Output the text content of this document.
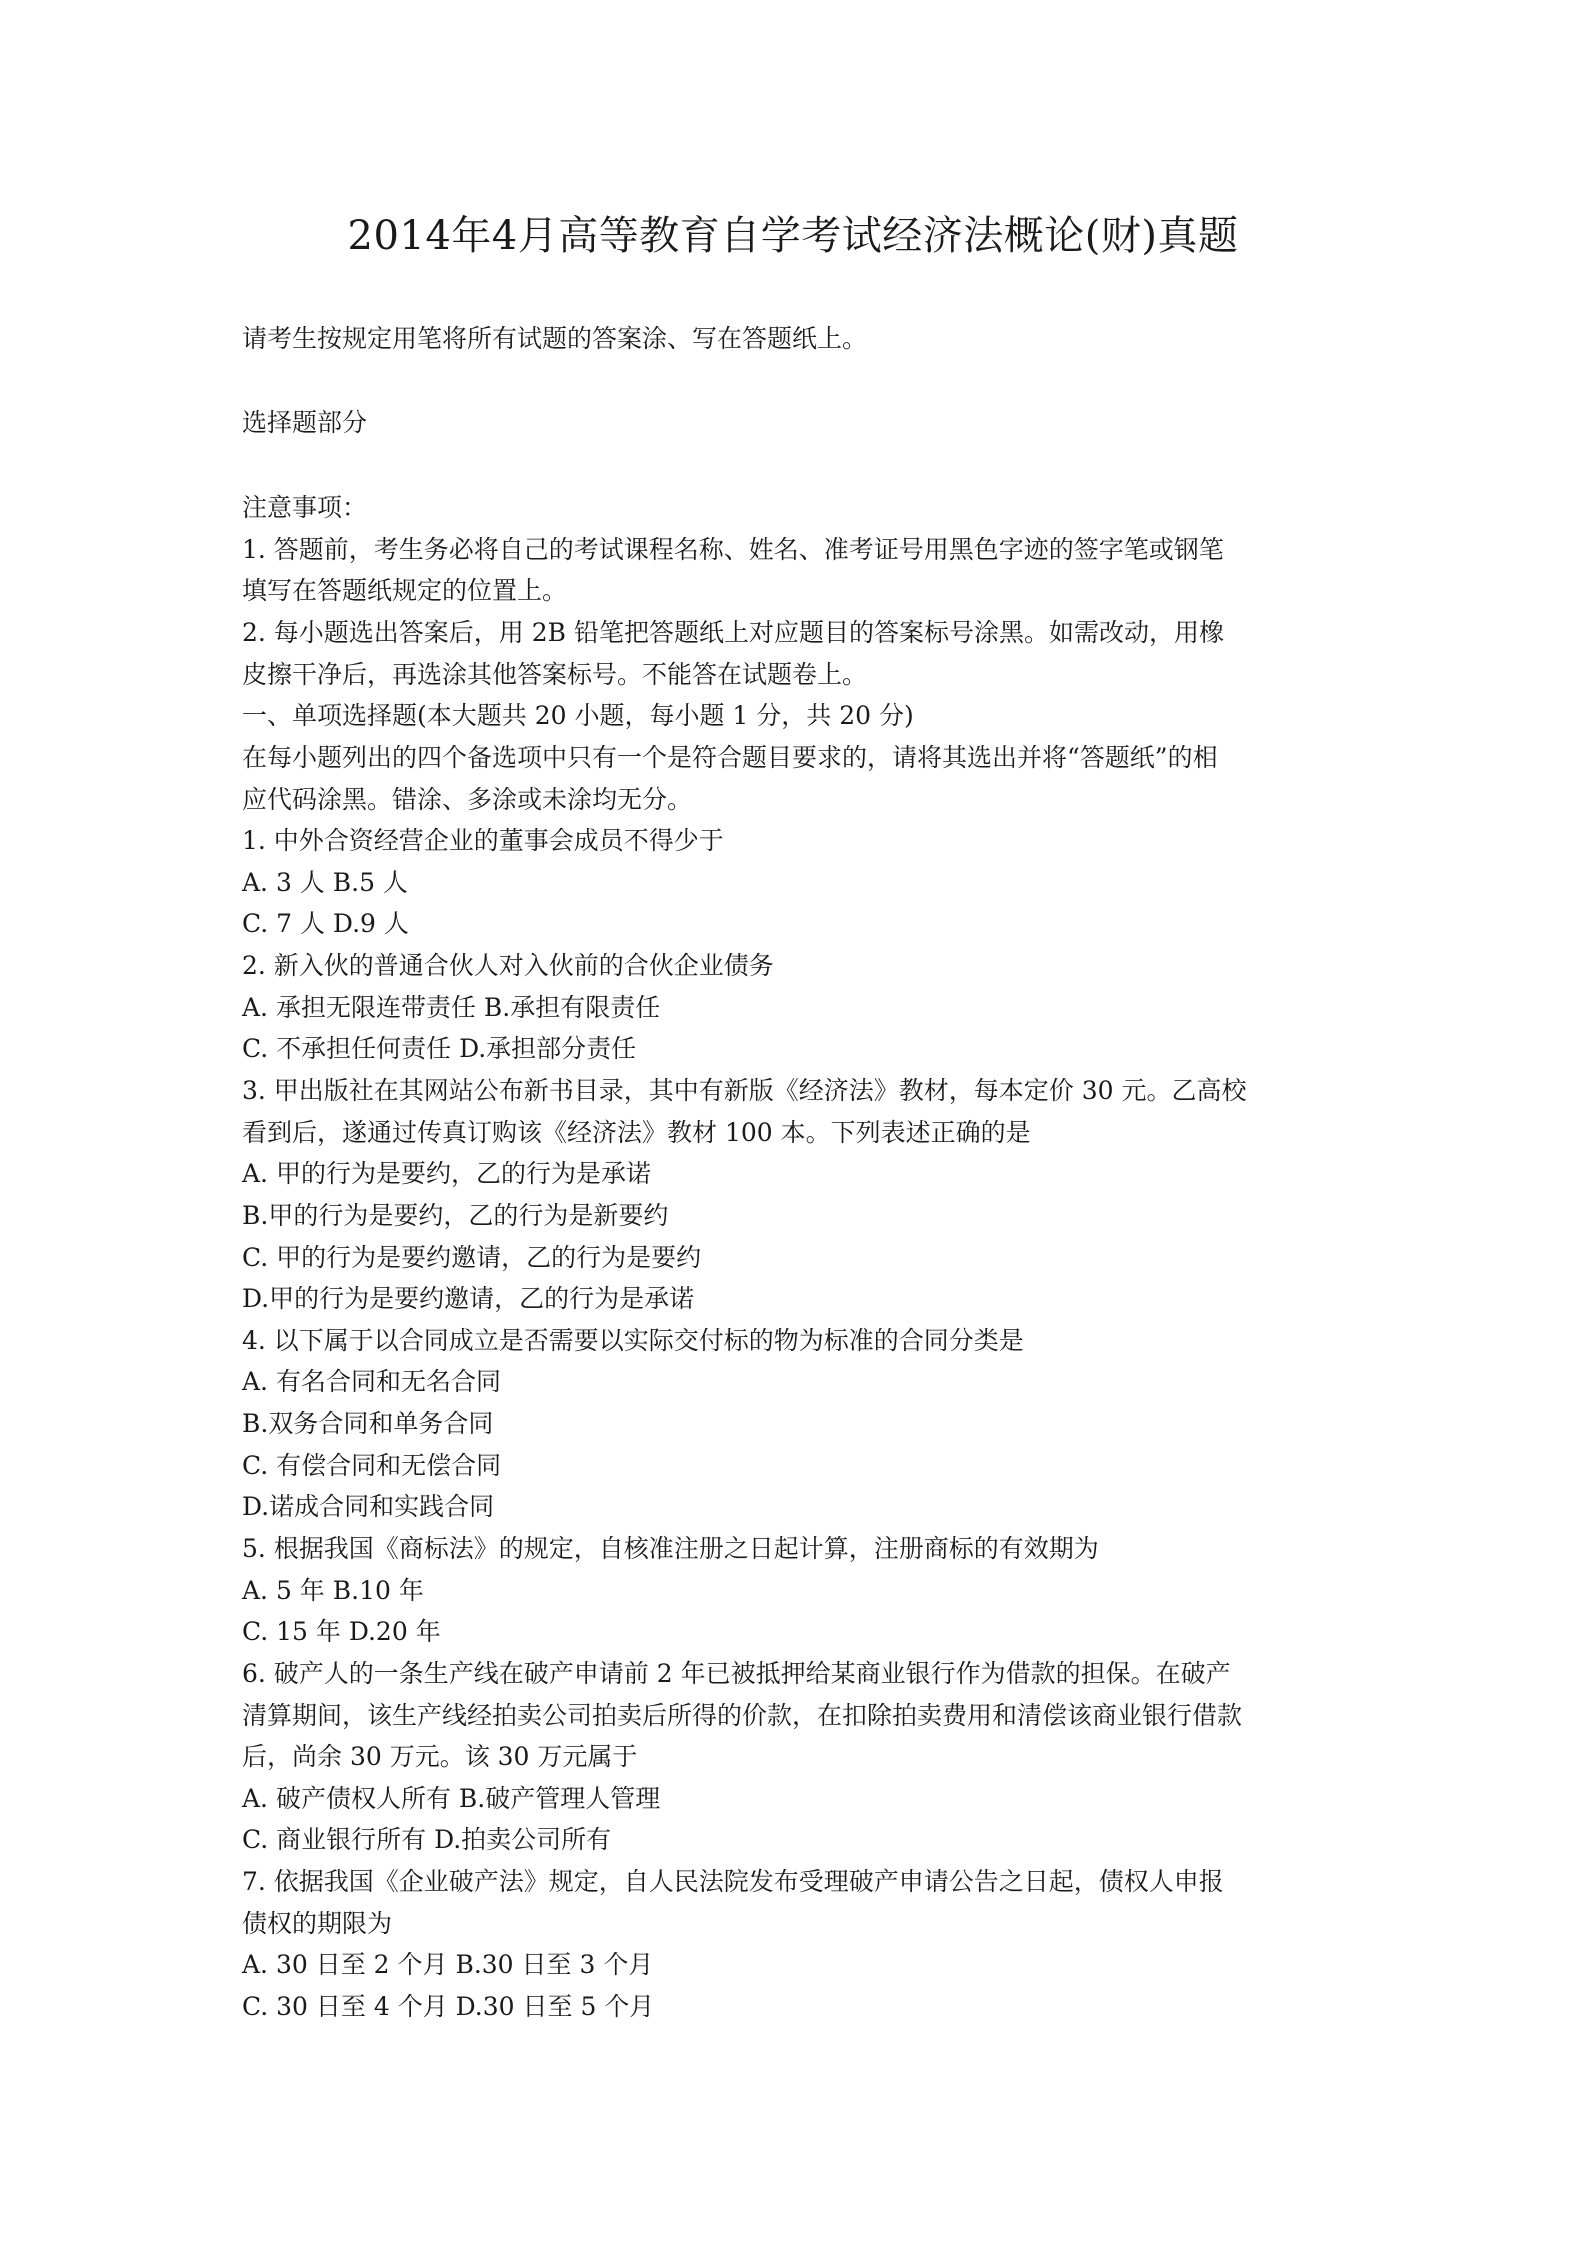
2014年4月高等教育自学考试经济法概论(财)真题
请考生按规定用笔将所有试题的答案涂、写在答题纸上。
选择题部分
注意事项：
1. 答题前，考生务必将自己的考试课程名称、姓名、准考证号用黑色字迹的签字笔或钢笔
填写在答题纸规定的位置上。
2. 每小题选出答案后，用 2B 铅笔把答题纸上对应题目的答案标号涂黑。如需改动，用橡
皮擦干净后，再选涂其他答案标号。不能答在试题卷上。
一、单项选择题(本大题共 20 小题，每小题 1 分，共 20 分)
在每小题列出的四个备选项中只有一个是符合题目要求的，请将其选出并将“答题纸”的相
应代码涂黑。错涂、多涂或未涂均无分。
1. 中外合资经营企业的董事会成员不得少于
A. 3 人 B.5 人
C. 7 人 D.9 人
2. 新入伙的普通合伙人对入伙前的合伙企业债务
A. 承担无限连带责任 B.承担有限责任
C. 不承担任何责任 D.承担部分责任
3. 甲出版社在其网站公布新书目录，其中有新版《经济法》教材，每本定价 30 元。乙高校
看到后，遂通过传真订购该《经济法》教材 100 本。下列表述正确的是
A. 甲的行为是要约，乙的行为是承诺
B.甲的行为是要约，乙的行为是新要约
C. 甲的行为是要约邀请，乙的行为是要约
D.甲的行为是要约邀请，乙的行为是承诺
4. 以下属于以合同成立是否需要以实际交付标的物为标准的合同分类是
A. 有名合同和无名合同
B.双务合同和单务合同
C. 有偿合同和无偿合同
D.诺成合同和实践合同
5. 根据我国《商标法》的规定，自核准注册之日起计算，注册商标的有效期为
A. 5 年 B.10 年
C. 15 年 D.20 年
6. 破产人的一条生产线在破产申请前 2 年已被抵押给某商业银行作为借款的担保。在破产
清算期间，该生产线经拍卖公司拍卖后所得的价款，在扣除拍卖费用和清偿该商业银行借款
后，尚余 30 万元。该 30 万元属于
A. 破产债权人所有 B.破产管理人管理
C. 商业银行所有 D.拍卖公司所有
7. 依据我国《企业破产法》规定，自人民法院发布受理破产申请公告之日起，债权人申报
债权的期限为
A. 30 日至 2 个月 B.30 日至 3 个月
C. 30 日至 4 个月 D.30 日至 5 个月
